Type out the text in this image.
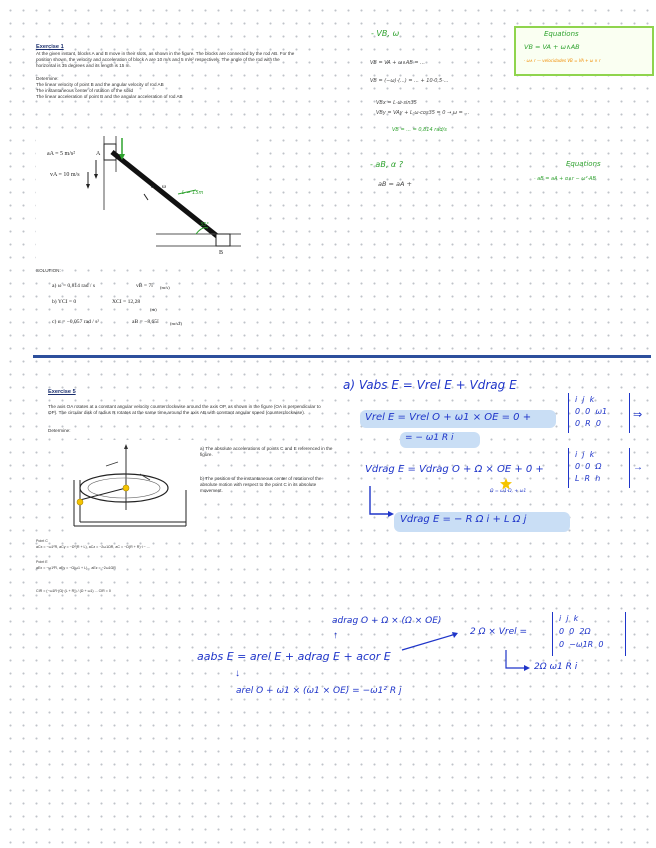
Exercise 1
At the given instant, blocks A and B move in their slots, as shown in the figure. The blocks are connected by the rod AB. For the position shown, the velocity and acceleration of block A are 10 m/s and 5 m/s² respectively. The angle of the rod with the horizontal is 35 degrees and its length is 15 m.
Determine:
The linear velocity of point B and the angular velocity of rod AB
The instantaneous center of rotation of the solid
The linear acceleration of point B and the angular acceleration of rod AB
aA = 5 m/s²
vA = 10 m/s
A
B
α ω
L = 15m
35°
SOLUTION:
a) ω = 0,814 rad / s	vB = 7î (m/s)
b) YCI = 0	XCI = 12,28
(m)
c) α = −0,057 rad / s²	aB = −8,65î (m/s2)
- VB, ω	Equations
VB = VA + ω∧AB
· ω∧ r — velocidades VB = VA + ω × r
VB = VA + ω∧AB = ...
VB = (−ω)·(...) = ... + 10·0,5·...
VBx = L·ω·sin35
VBy = VAy + L·ω·cos35 = 0 → ω = ...
VB = ... = 0,814 rad/s
- aB, α ?	Equations
· aB = aA + α∧r − ω²·AB
aB = aA +
Exercise 5
The axis OA rotates at a constant angular velocity counterclockwise around the axis OP, as shown in the figure (OA is perpendicular to OP). The circular disk of radius R rotates at the same time around the axis AB with constant angular speed (counterclockwise).
Determine:
a) The absolute accelerations of points C and E referenced in the figure.
b) The position of the instantaneous center of rotation of the absolute motion with respect to the point C in its absolute movement.
Point C
aCx = −ω1²R, aCy = −Ω²(R + L), aCz = −2ω1ΩR, aC = −Ω(R + R)·i − ...
Point E
aEx = −ω1²R, aEy = −Ω(ω1 + L)... aEz = −2ω1ΩR
CIR = (−ω1R·(Ω)·(L + R)) / (Ω + ω1) ... CIR = 0
a) Vabs E = Vrel E + Vdrag E
Vrel E = Vrel O + ω1 × OE = 0 +
= − ω1 R i
i  j  k
0  0  ω1
0  R  0
⇒
Vdrag E = Vdrag O + Ω × OE + 0 +
Ω = ω1·Ω, + ω1
i  j  k
0  0  Ω
L  R  h
→
Vdrag E = − R Ω i + L Ω j
adrag O + Ω × (Ω × OE)
↑
aabs E = arel E + adrag E + acor E
2 Ω × Vrel =
i  j  k
0  0  2Ω
0  −ω1R  0
2Ω ω1 R i
↓
arel O + ω1 × (ω1 × OE) = −ω1² R j
